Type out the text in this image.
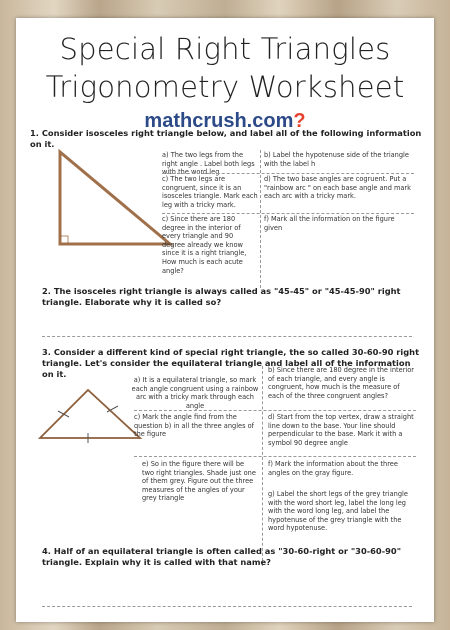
Special Right Triangles
Trigonometry Worksheet
mathcrush.com?
1. Consider isosceles right triangle below, and label all of the following information on it.
a) The two legs from the right angle . Label both legs with the word leg
b) Label the hypotenuse side of the triangle with the label h
c) The two legs are congruent, since it is an isosceles triangle. Mark each leg with a tricky mark.
d) The two base angles are cogruent. Put a "rainbow arc " on each base angle and mark each arc with a tricky mark.
c) Since there are 180 degree in the interior of every triangle and 90 degree already we know since it is a right triangle, How much is each acute angle?
f) Mark all the information on the figure given
2. The isosceles right triangle is always called as "45-45" or "45-45-90" right triangle. Elaborate why it is called so?
3. Consider a different kind of special right triangle, the so called 30-60-90 right triangle. Let's consider the equilateral triangle and label all of the information on it.
a) It is a equilateral triangle, so mark each angle congruent using a rainbow arc with a tricky mark through each angle
b) Since there are 180 degree in the interior of each triangle, and every angle is congruent, how much is the measure of each of the three congruent angles?
c) Mark the angle find from the question b) in all the three angles of the figure
d) Start from the top vertex, draw a straight line down to the base. Your line should perpendicular to the base. Mark it with a symbol 90 degree angle
e) So in the figure there will be two right triangles. Shade just one of them grey. Figure out the three measures of the angles of your grey triangle
f) Mark the information about the three angles on the gray figure.
g) Label the short legs of the grey triangle with the word short leg, label the long leg with the word long leg, and label the hypotenuse of the grey triangle with the word hypotenuse.
4. Half of an equilateral triangle is often called as "30-60-right or "30-60-90" triangle. Explain why it is called with that name?
